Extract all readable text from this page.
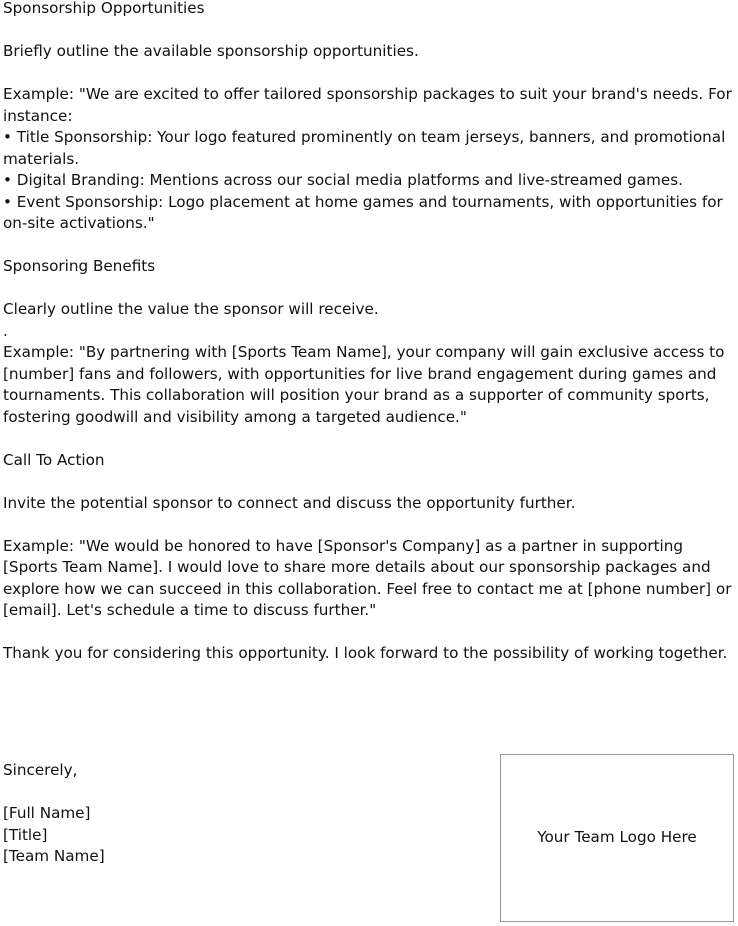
Sponsorship Opportunities

Briefly outline the available sponsorship opportunities.

Example: "We are excited to offer tailored sponsorship packages to suit your brand's needs. For instance:

• Title Sponsorship: Your logo featured prominently on team jerseys, banners, and promotional materials.

• Digital Branding: Mentions across our social media platforms and live-streamed games.

• Event Sponsorship: Logo placement at home games and tournaments, with opportunities for on-site activations."

Sponsoring Benefits

Clearly outline the value the sponsor will receive.

.

Example: "By partnering with [Sports Team Name], your company will gain exclusive access to [number] fans and followers, with opportunities for live brand engagement during games and tournaments. This collaboration will position your brand as a supporter of community sports, fostering goodwill and visibility among a targeted audience."

Call To Action

Invite the potential sponsor to connect and discuss the opportunity further.

Example: "We would be honored to have [Sponsor's Company] as a partner in supporting [Sports Team Name]. I would love to share more details about our sponsorship packages and explore how we can succeed in this collaboration. Feel free to contact me at [phone number] or [email]. Let's schedule a time to discuss further."

Thank you for considering this opportunity. I look forward to the possibility of working together.

Sincerely,

[Full Name]

[Title]

[Team Name]

Your Team Logo Here
